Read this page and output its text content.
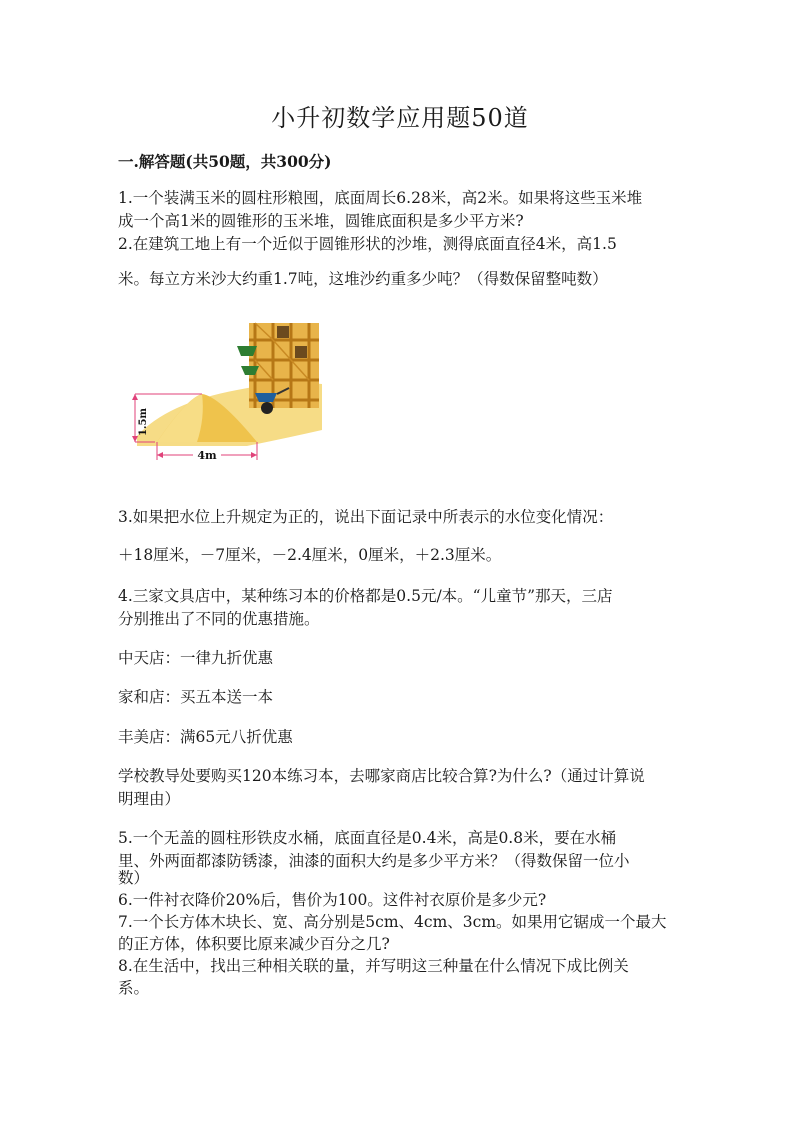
小升初数学应用题50道
一.解答题(共50题，共300分)
1.一个装满玉米的圆柱形粮囤，底面周长6.28米，高2米。如果将这些玉米堆
成一个高1米的圆锥形的玉米堆，圆锥底面积是多少平方米?
2.在建筑工地上有一个近似于圆锥形状的沙堆，测得底面直径4米，高1.5
米。每立方米沙大约重1.7吨，这堆沙约重多少吨？（得数保留整吨数）
4m
1.5m
3.如果把水位上升规定为正的，说出下面记录中所表示的水位变化情况：
＋18厘米，－7厘米，－2.4厘米，0厘米，＋2.3厘米。
4.三家文具店中，某种练习本的价格都是0.5元/本。“儿童节”那天，三店
分别推出了不同的优惠措施。
中天店：一律九折优惠
家和店：买五本送一本
丰美店：满65元八折优惠
学校教导处要购买120本练习本，去哪家商店比较合算?为什么?（通过计算说
明理由）
5.一个无盖的圆柱形铁皮水桶，底面直径是0.4米，高是0.8米，要在水桶
里、外两面都漆防锈漆，油漆的面积大约是多少平方米？（得数保留一位小
数）
6.一件衬衣降价20%后，售价为100。这件衬衣原价是多少元?
7.一个长方体木块长、宽、高分别是5cm、4cm、3cm。如果用它锯成一个最大
的正方体，体积要比原来减少百分之几?
8.在生活中，找出三种相关联的量，并写明这三种量在什么情况下成比例关
系。
